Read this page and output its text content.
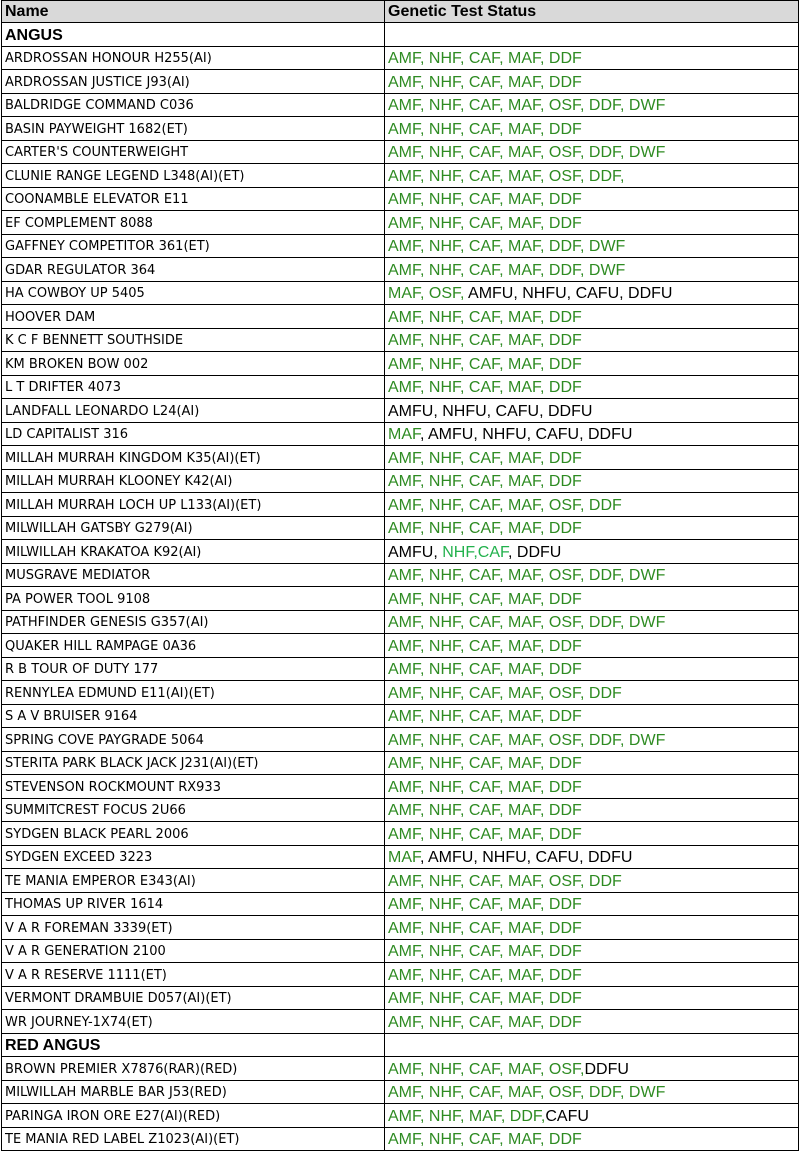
Name	Genetic Test Status
ANGUS	
ARDROSSAN HONOUR H255(AI)	AMF, NHF, CAF, MAF, DDF
ARDROSSAN JUSTICE J93(AI)	AMF, NHF, CAF, MAF, DDF
BALDRIDGE COMMAND C036	AMF, NHF, CAF, MAF, OSF, DDF, DWF
BASIN PAYWEIGHT 1682(ET)	AMF, NHF, CAF, MAF, DDF
CARTER'S COUNTERWEIGHT	AMF, NHF, CAF, MAF, OSF, DDF, DWF
CLUNIE RANGE LEGEND L348(AI)(ET)	AMF, NHF, CAF, MAF, OSF, DDF,
COONAMBLE ELEVATOR E11	AMF, NHF, CAF, MAF, DDF
EF COMPLEMENT 8088	AMF, NHF, CAF, MAF, DDF
GAFFNEY COMPETITOR 361(ET)	AMF, NHF, CAF, MAF, DDF, DWF
GDAR REGULATOR 364	AMF, NHF, CAF, MAF, DDF, DWF
HA COWBOY UP 5405	MAF, OSF, AMFU, NHFU, CAFU, DDFU
HOOVER DAM	AMF, NHF, CAF, MAF, DDF
K C F BENNETT SOUTHSIDE	AMF, NHF, CAF, MAF, DDF
KM BROKEN BOW 002	AMF, NHF, CAF, MAF, DDF
L T DRIFTER 4073	AMF, NHF, CAF, MAF, DDF
LANDFALL LEONARDO L24(AI)	AMFU, NHFU, CAFU, DDFU
LD CAPITALIST 316	MAF, AMFU, NHFU, CAFU, DDFU
MILLAH MURRAH KINGDOM K35(AI)(ET)	AMF, NHF, CAF, MAF, DDF
MILLAH MURRAH KLOONEY K42(AI)	AMF, NHF, CAF, MAF, DDF
MILLAH MURRAH LOCH UP L133(AI)(ET)	AMF, NHF, CAF, MAF, OSF, DDF
MILWILLAH GATSBY G279(AI)	AMF, NHF, CAF, MAF, DDF
MILWILLAH KRAKATOA K92(AI)	AMFU, NHF,CAF, DDFU
MUSGRAVE MEDIATOR	AMF, NHF, CAF, MAF, OSF, DDF, DWF
PA POWER TOOL 9108	AMF, NHF, CAF, MAF, DDF
PATHFINDER GENESIS G357(AI)	AMF, NHF, CAF, MAF, OSF, DDF, DWF
QUAKER HILL RAMPAGE 0A36	AMF, NHF, CAF, MAF, DDF
R B TOUR OF DUTY 177	AMF, NHF, CAF, MAF, DDF
RENNYLEA EDMUND E11(AI)(ET)	AMF, NHF, CAF, MAF, OSF, DDF
S A V BRUISER 9164	AMF, NHF, CAF, MAF, DDF
SPRING COVE PAYGRADE 5064	AMF, NHF, CAF, MAF, OSF, DDF, DWF
STERITA PARK BLACK JACK J231(AI)(ET)	AMF, NHF, CAF, MAF, DDF
STEVENSON ROCKMOUNT RX933	AMF, NHF, CAF, MAF, DDF
SUMMITCREST FOCUS 2U66	AMF, NHF, CAF, MAF, DDF
SYDGEN BLACK PEARL 2006	AMF, NHF, CAF, MAF, DDF
SYDGEN EXCEED 3223	MAF, AMFU, NHFU, CAFU, DDFU
TE MANIA EMPEROR E343(AI)	AMF, NHF, CAF, MAF, OSF, DDF
THOMAS UP RIVER 1614	AMF, NHF, CAF, MAF, DDF
V A R FOREMAN 3339(ET)	AMF, NHF, CAF, MAF, DDF
V A R GENERATION 2100	AMF, NHF, CAF, MAF, DDF
V A R RESERVE 1111(ET)	AMF, NHF, CAF, MAF, DDF
VERMONT DRAMBUIE D057(AI)(ET)	AMF, NHF, CAF, MAF, DDF
WR JOURNEY-1X74(ET)	AMF, NHF, CAF, MAF, DDF
RED ANGUS	
BROWN PREMIER X7876(RAR)(RED)	AMF, NHF, CAF, MAF, OSF,DDFU
MILWILLAH MARBLE BAR J53(RED)	AMF, NHF, CAF, MAF, OSF, DDF, DWF
PARINGA IRON ORE E27(AI)(RED)	AMF, NHF, MAF, DDF,CAFU
TE MANIA RED LABEL Z1023(AI)(ET)	AMF, NHF, CAF, MAF, DDF
